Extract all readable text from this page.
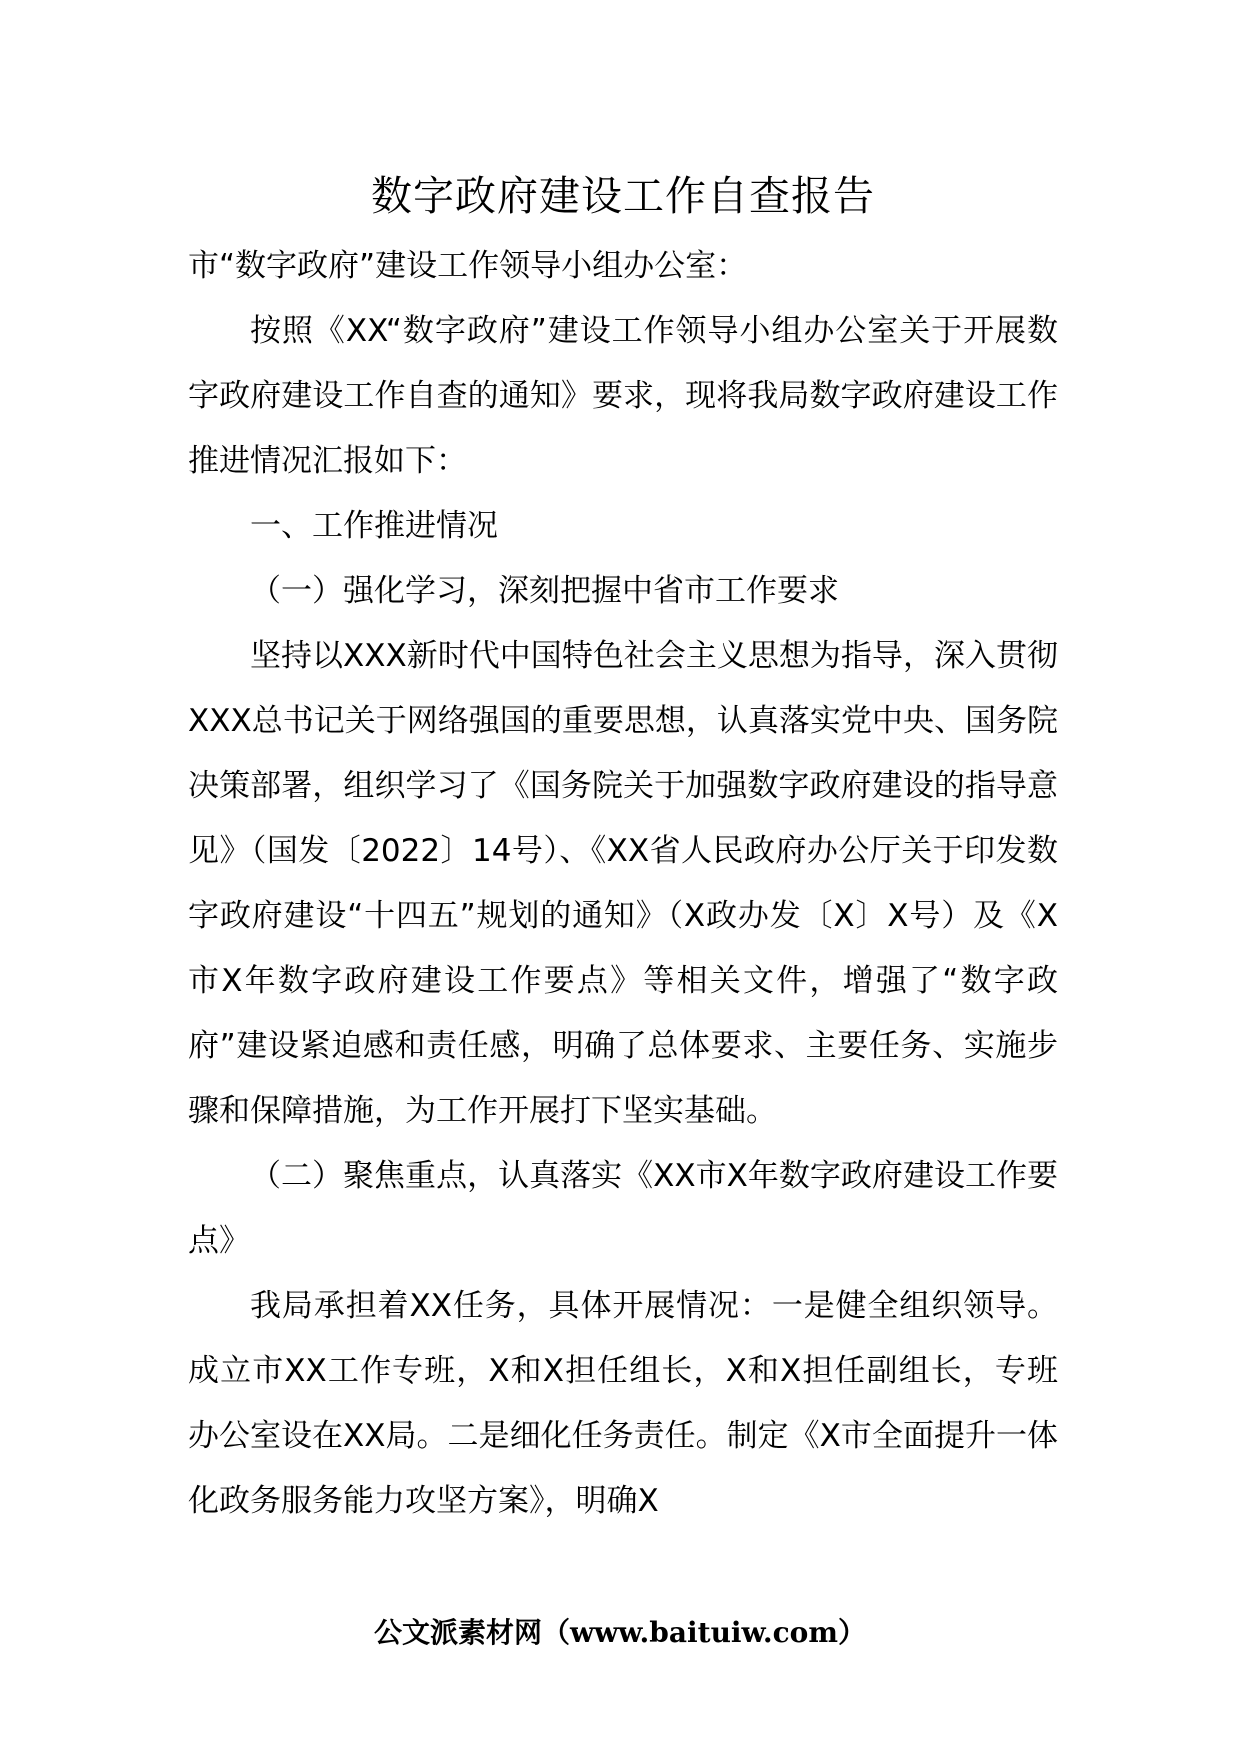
数字政府建设工作自查报告

市“数字政府”建设工作领导小组办公室：

按照《XX“数字政府”建设工作领导小组办公室关于开展数字政府建设工作自查的通知》要求，现将我局数字政府建设工作推进情况汇报如下：

一、工作推进情况

（一）强化学习，深刻把握中省市工作要求

坚持以XXX新时代中国特色社会主义思想为指导，深入贯彻XXX总书记关于网络强国的重要思想，认真落实党中央、国务院决策部署，组织学习了《国务院关于加强数字政府建设的指导意见》（国发〔2022〕14号）、《XX省人民政府办公厅关于印发数字政府建设“十四五”规划的通知》（X政办发〔X〕X号）及《X市X年数字政府建设工作要点》等相关文件，增强了“数字政府”建设紧迫感和责任感，明确了总体要求、主要任务、实施步骤和保障措施，为工作开展打下坚实基础。

（二）聚焦重点，认真落实《XX市X年数字政府建设工作要点》

我局承担着XX任务，具体开展情况：一是健全组织领导。成立市XX工作专班，X和X担任组长，X和X担任副组长，专班办公室设在XX局。二是细化任务责任。制定《X市全面提升一体化政务服务能力攻坚方案》，明确X

公文派素材网（www.baituiw.com）
